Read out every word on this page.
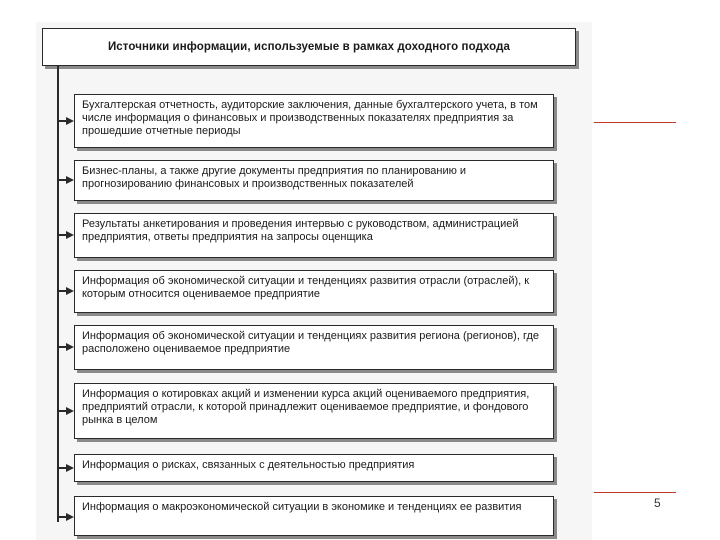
Источники информации, используемые в рамках доходного подхода
Бухгалтерская отчетность, аудиторские заключения, данные бухгалтерского учета, в том числе информация о финансовых и производственных показателях предприятия за прошедшие отчетные периоды
Бизнес-планы, а также другие документы предприятия по планированию и прогнозированию финансовых и производственных показателей
Результаты анкетирования и проведения интервью с руководством, администрацией предприятия, ответы предприятия на запросы оценщика
Информация об экономической ситуации и тенденциях развития отрасли (отраслей), к которым относится оцениваемое предприятие
Информация об экономической ситуации и тенденциях развития региона (регионов), где расположено оцениваемое предприятие
Информация о котировках акций и изменении курса акций оцениваемого предприятия, предприятий отрасли, к которой принадлежит оцениваемое предприятие, и фондового рынка в целом
Информация о рисках, связанных с деятельностью предприятия
Информация о макроэкономической ситуации в экономике и тенденциях ее развития	5
